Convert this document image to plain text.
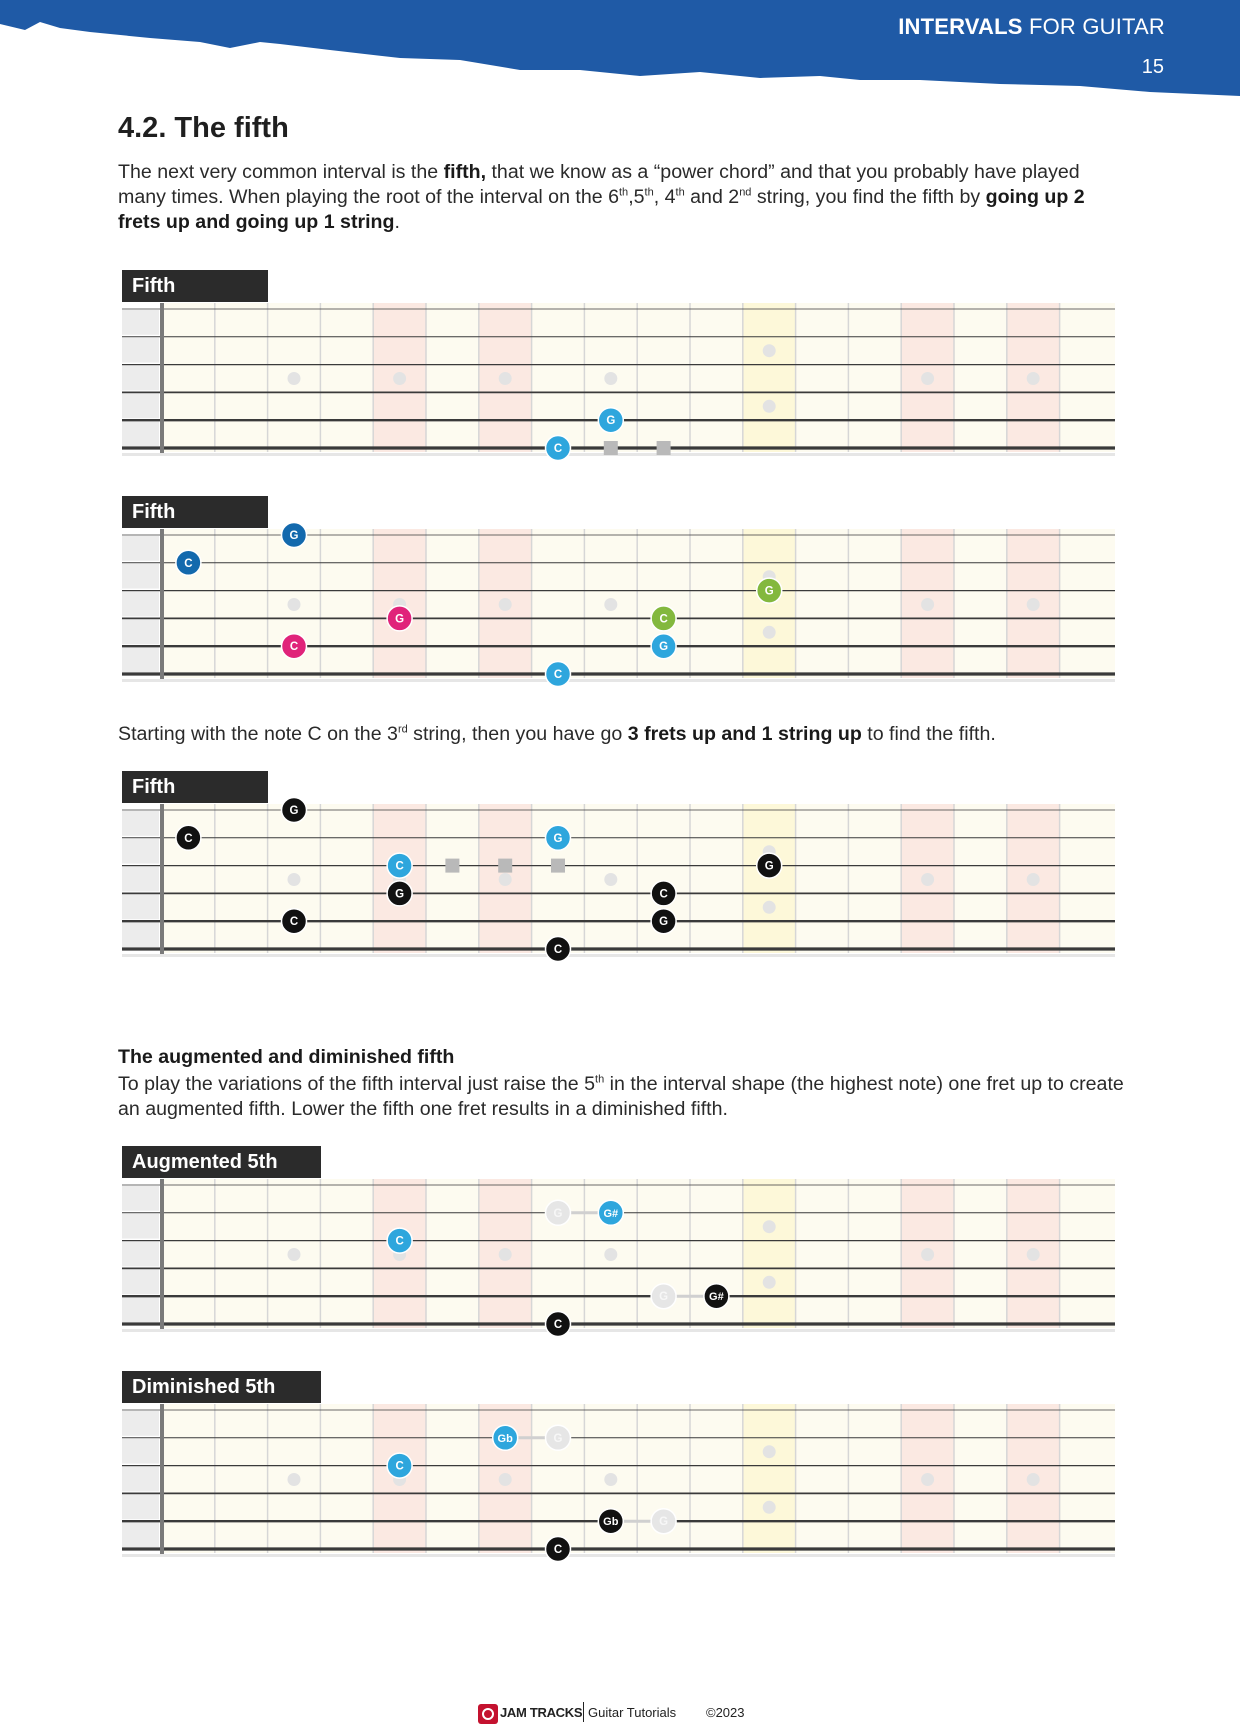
INTERVALS FOR GUITAR
15
4.2. The fifth

The next very common interval is the fifth, that we know as a “power chord” and that you probably have played many times. When playing the root of the interval on the 6th,5th, 4th and 2nd string, you find the fifth by going up 2 frets up and going up 1 string.

Fifth
G
C
Fifth
G
C
G
G	C
C	G
C

Starting with the note C on the 3rd string, then you have go 3 frets up and 1 string up to find the fifth.

Fifth
G
C	G
C	G
G	C
C	G
C
The augmented and diminished fifth

To play the variations of the fifth interval just raise the 5th in the interval shape (the highest note) one fret up to create an augmented fifth. Lower the fifth one fret results in a diminished fifth.

Augmented 5th
G	G#
C
G	G#
C
Diminished 5th
Gb	G
C
Gb	G
C
JAM TRACKS Guitar Tutorials ©2023
